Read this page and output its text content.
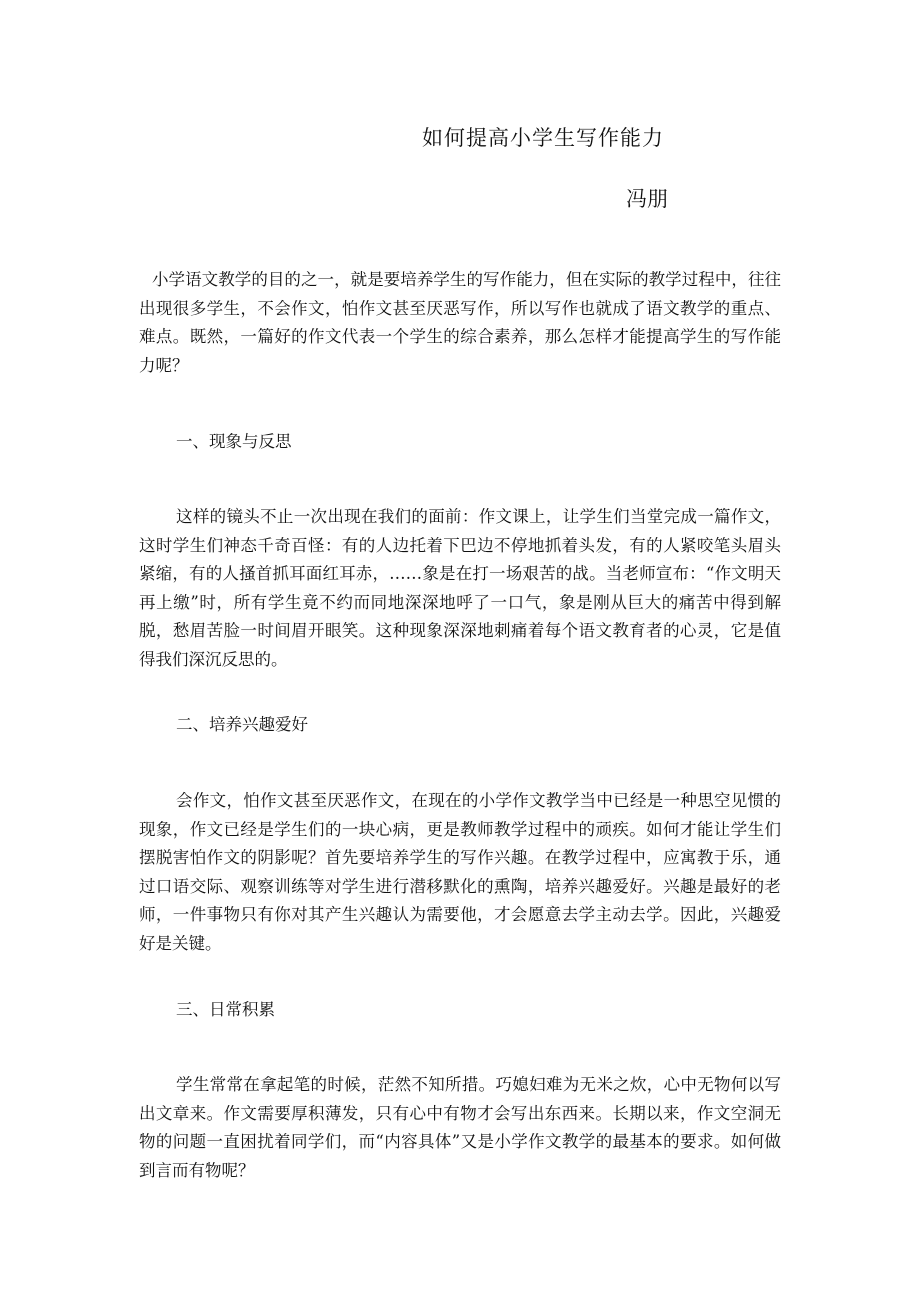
如何提高小学生写作能力

冯朋

小学语文教学的目的之一，就是要培养学生的写作能力，但在实际的教学过程中，往往出现很多学生，不会作文，怕作文甚至厌恶写作，所以写作也就成了语文教学的重点、难点。既然，一篇好的作文代表一个学生的综合素养，那么怎样才能提高学生的写作能力呢？

一、现象与反思

这样的镜头不止一次出现在我们的面前：作文课上，让学生们当堂完成一篇作文，这时学生们神态千奇百怪：有的人边托着下巴边不停地抓着头发，有的人紧咬笔头眉头紧缩，有的人搔首抓耳面红耳赤，……象是在打一场艰苦的战。当老师宣布：“作文明天再上缴”时，所有学生竟不约而同地深深地呼了一口气，象是刚从巨大的痛苦中得到解脱，愁眉苦脸一时间眉开眼笑。这种现象深深地刺痛着每个语文教育者的心灵，它是值得我们深沉反思的。

二、培养兴趣爱好

会作文，怕作文甚至厌恶作文，在现在的小学作文教学当中已经是一种思空见惯的现象，作文已经是学生们的一块心病，更是教师教学过程中的顽疾。如何才能让学生们摆脱害怕作文的阴影呢？首先要培养学生的写作兴趣。在教学过程中，应寓教于乐，通过口语交际、观察训练等对学生进行潜移默化的熏陶，培养兴趣爱好。兴趣是最好的老师，一件事物只有你对其产生兴趣认为需要他，才会愿意去学主动去学。因此，兴趣爱好是关键。

三、日常积累

学生常常在拿起笔的时候，茫然不知所措。巧媳妇难为无米之炊，心中无物何以写出文章来。作文需要厚积薄发，只有心中有物才会写出东西来。长期以来，作文空洞无物的问题一直困扰着同学们，而“内容具体”又是小学作文教学的最基本的要求。如何做到言而有物呢？
